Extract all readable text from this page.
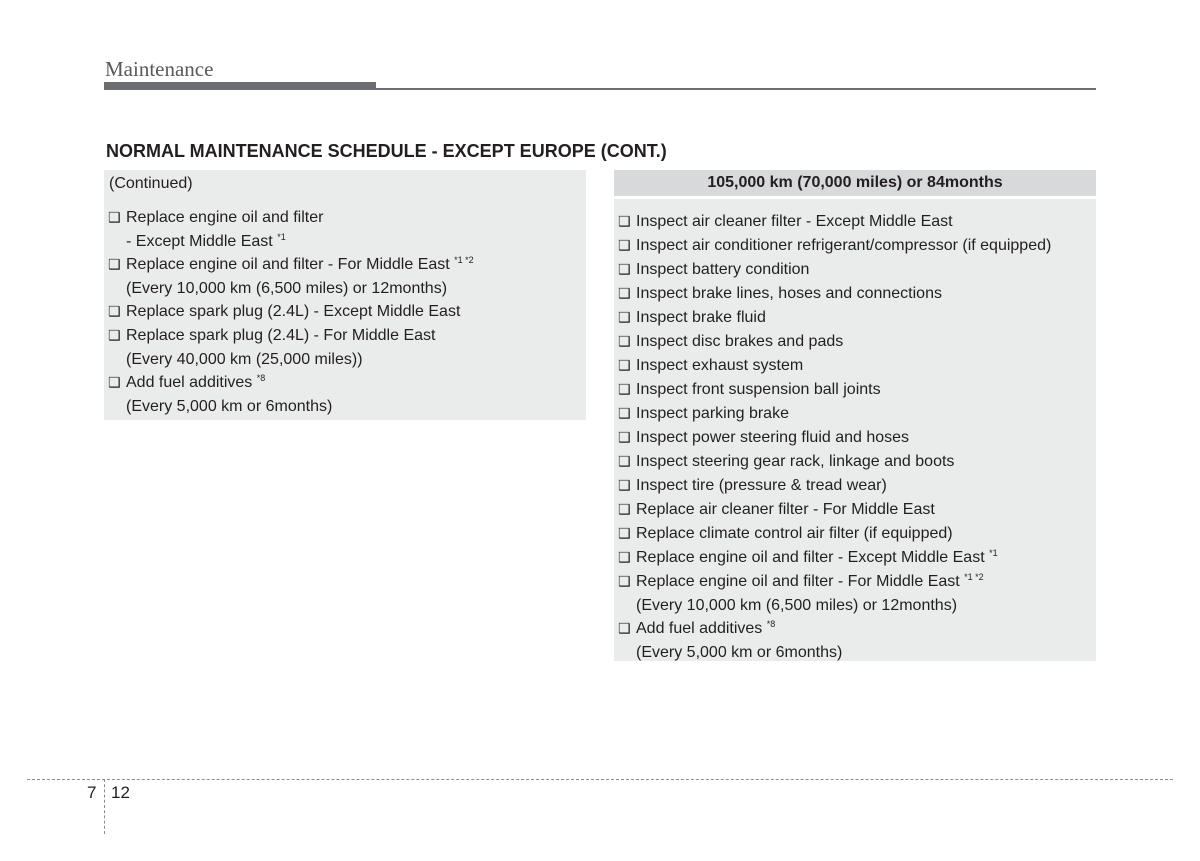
Maintenance
NORMAL MAINTENANCE SCHEDULE - EXCEPT EUROPE (CONT.)
(Continued)
❑ Replace engine oil and filter
- Except Middle East $^{*1}$
❑ Replace engine oil and filter - For Middle East $^{*1 *2}$
(Every 10,000 km (6,500 miles) or 12months)
❑ Replace spark plug (2.4L) - Except Middle East
❑ Replace spark plug (2.4L) - For Middle East
(Every 40,000 km (25,000 miles))
❑ Add fuel additives $^{*8}$
(Every 5,000 km or 6months)
105,000 km (70,000 miles) or 84months
❑ Inspect air cleaner filter - Except Middle East
❑ Inspect air conditioner refrigerant/compressor (if equipped)
❑ Inspect battery condition
❑ Inspect brake lines, hoses and connections
❑ Inspect brake fluid
❑ Inspect disc brakes and pads
❑ Inspect exhaust system
❑ Inspect front suspension ball joints
❑ Inspect parking brake
❑ Inspect power steering fluid and hoses
❑ Inspect steering gear rack, linkage and boots
❑ Inspect tire (pressure & tread wear)
❑ Replace air cleaner filter - For Middle East
❑ Replace climate control air filter (if equipped)
❑ Replace engine oil and filter - Except Middle East $^{*1}$
❑ Replace engine oil and filter - For Middle East $^{*1 *2}$
(Every 10,000 km (6,500 miles) or 12months)
❑ Add fuel additives $^{*8}$
(Every 5,000 km or 6months)
7 12
